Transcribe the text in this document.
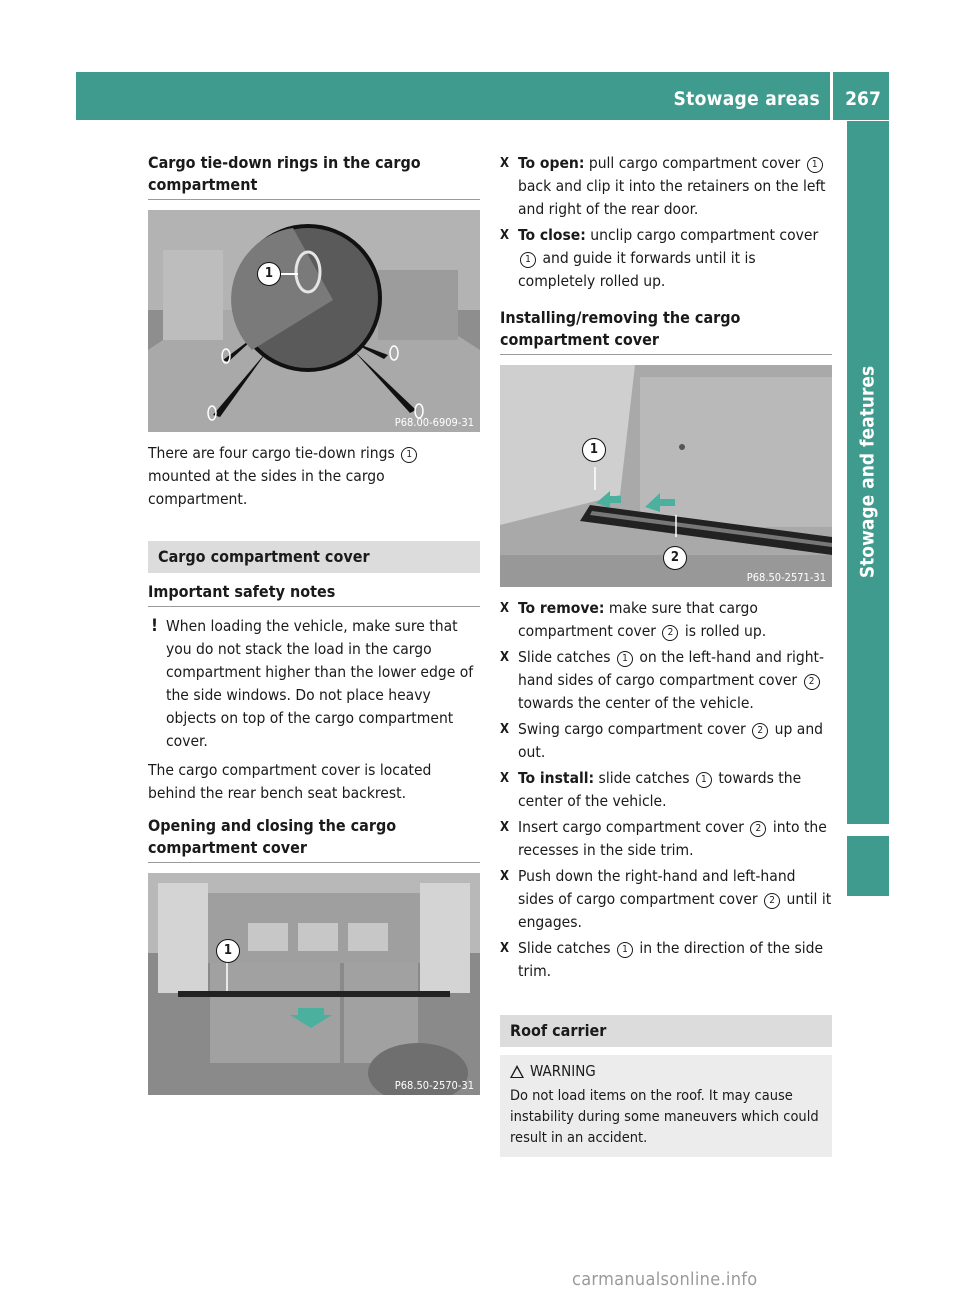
Stowage areas	267
Stowage and features
Cargo tie-down rings in the cargo compartment
1
P68.00-6909-31

There are four cargo tie-down rings 1
mounted at the sides in the cargo compartment.

Cargo compartment cover
Important safety notes

! When loading the vehicle, make sure that you do not stack the load in the cargo compartment higher than the lower edge of the side windows. Do not place heavy objects on top of the cargo compartment cover.

The cargo compartment cover is located behind the rear bench seat backrest.

Opening and closing the cargo compartment cover
1
P68.50-2570-31

X To open: pull cargo compartment cover 1 back and clip it into the retainers on the left and right of the rear door.

X To close: unclip cargo compartment cover 1 and guide it forwards until it is completely rolled up.

Installing/removing the cargo compartment cover
1
2
P68.50-2571-31

X To remove: make sure that cargo compartment cover 2 is rolled up.

X Slide catches 1 on the left-hand and right-hand sides of cargo compartment cover 2 towards the center of the vehicle.

X Swing cargo compartment cover 2 up and out.

X To install: slide catches 1 towards the center of the vehicle.

X Insert cargo compartment cover 2 into the recesses in the side trim.

X Push down the right-hand and left-hand sides of cargo compartment cover 2 until it engages.

X Slide catches 1 in the direction of the side trim.

Roof carrier
WARNING

Do not load items on the roof. It may cause instability during some maneuvers which could result in an accident.

carmanualsonline.info
